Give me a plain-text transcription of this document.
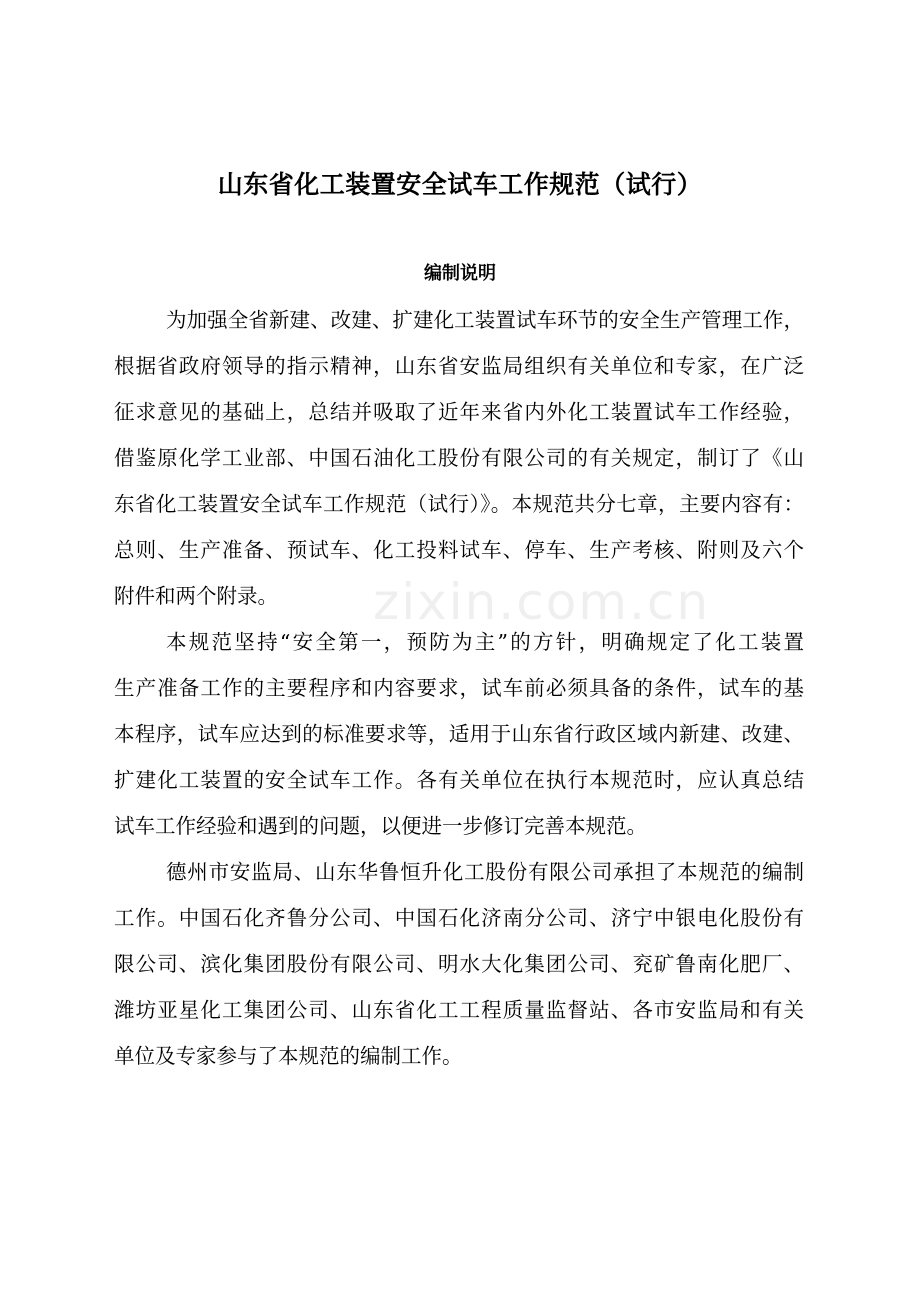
山东省化工装置安全试车工作规范（试行）
编制说明
为加强全省新建、改建、扩建化工装置试车环节的安全生产管理工作，
根据省政府领导的指示精神，山东省安监局组织有关单位和专家，在广泛
征求意见的基础上，总结并吸取了近年来省内外化工装置试车工作经验，
借鉴原化学工业部、中国石油化工股份有限公司的有关规定，制订了《山
东省化工装置安全试车工作规范（试行）》。本规范共分七章，主要内容有：
总则、生产准备、预试车、化工投料试车、停车、生产考核、附则及六个
附件和两个附录。
本规范坚持“安全第一，预防为主”的方针，明确规定了化工装置
生产准备工作的主要程序和内容要求，试车前必须具备的条件，试车的基
本程序，试车应达到的标准要求等，适用于山东省行政区域内新建、改建、
扩建化工装置的安全试车工作。各有关单位在执行本规范时，应认真总结
试车工作经验和遇到的问题，以便进一步修订完善本规范。
德州市安监局、山东华鲁恒升化工股份有限公司承担了本规范的编制
工作。中国石化齐鲁分公司、中国石化济南分公司、济宁中银电化股份有
限公司、滨化集团股份有限公司、明水大化集团公司、兖矿鲁南化肥厂、
潍坊亚星化工集团公司、山东省化工工程质量监督站、各市安监局和有关
单位及专家参与了本规范的编制工作。
zixin.com.cn
